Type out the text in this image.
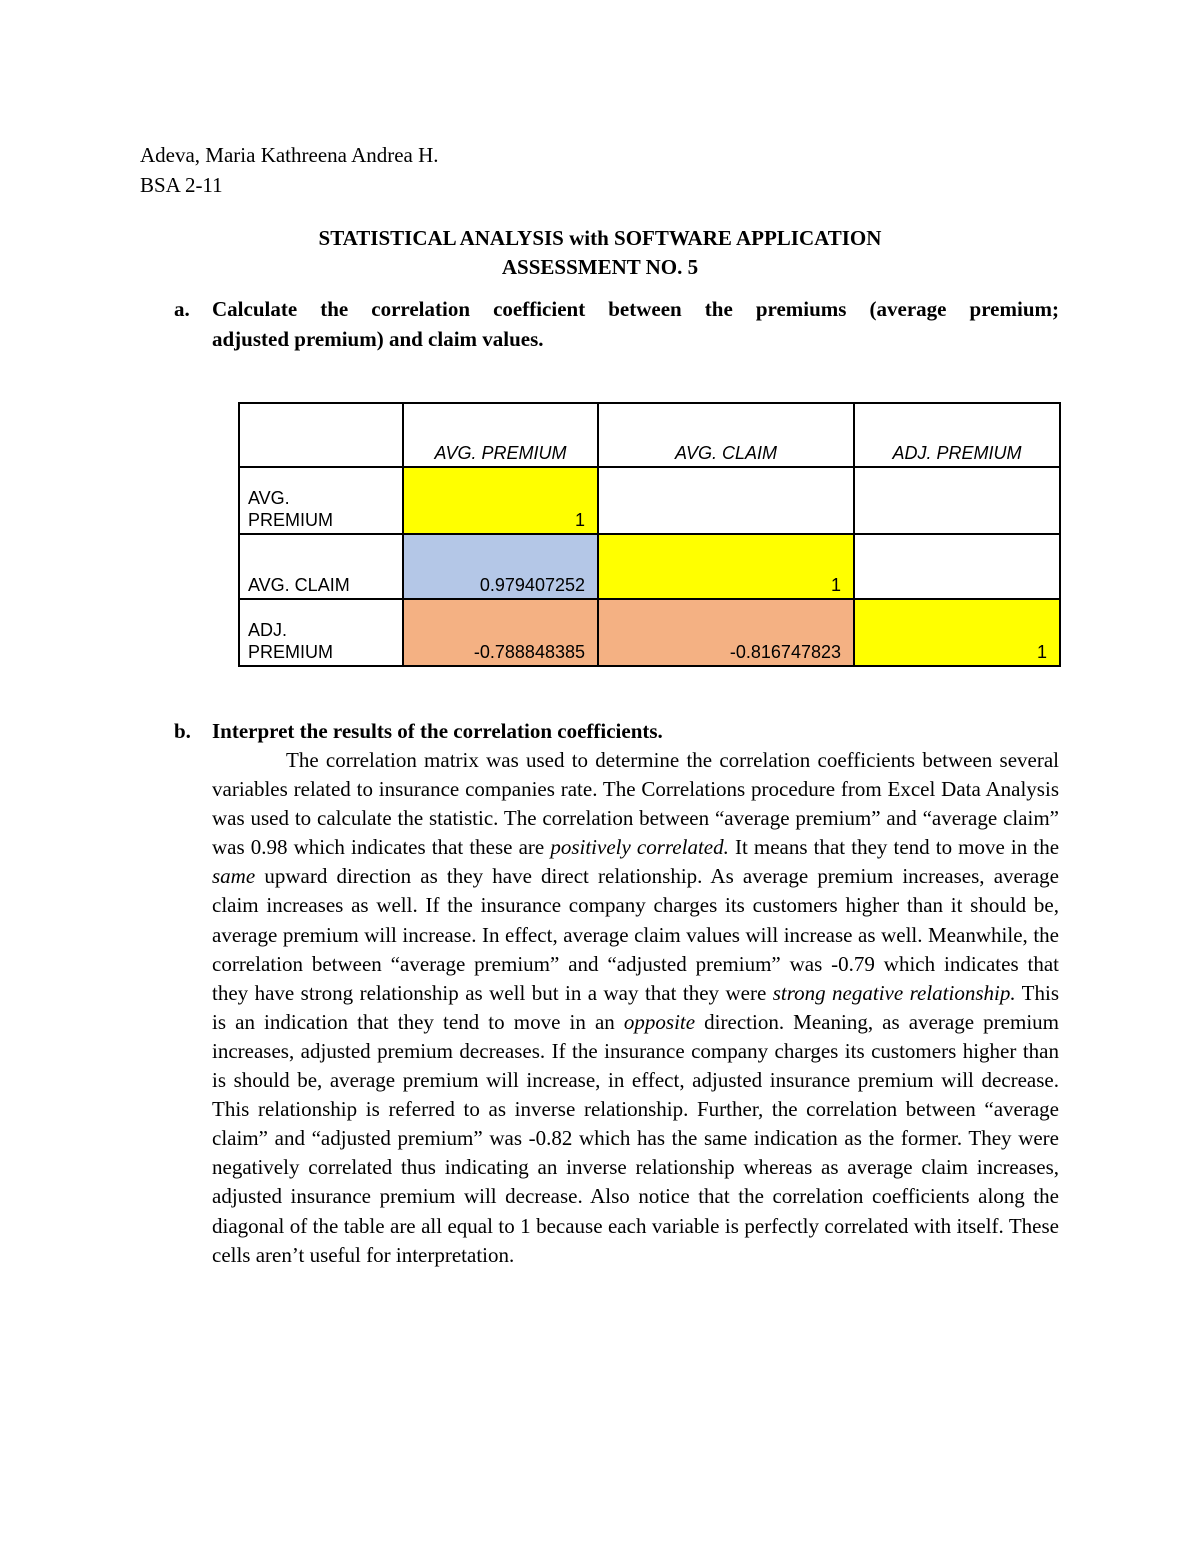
Adeva, Maria Kathreena Andrea H.
BSA 2-11
STATISTICAL ANALYSIS with SOFTWARE APPLICATION
ASSESSMENT NO. 5
a. Calculate the correlation coefficient between the premiums (average premium;
adjusted premium) and claim values.
	AVG. PREMIUM	AVG. CLAIM	ADJ. PREMIUM
AVG.
PREMIUM	1		

AVG. CLAIM	0.979407252	1	
ADJ.
PREMIUM	-0.788848385	-0.816747823	1
b. Interpret the results of the correlation coefficients.
The correlation matrix was used to determine the correlation coefficients between several variables related to insurance companies rate. The Correlations procedure from Excel Data Analysis was used to calculate the statistic. The correlation between “average premium” and “average claim” was 0.98 which indicates that these are positively correlated. It means that they tend to move in the same upward direction as they have direct relationship. As average premium increases, average claim increases as well. If the insurance company charges its customers higher than it should be, average premium will increase. In effect, average claim values will increase as well. Meanwhile, the correlation between “average premium” and “adjusted premium” was -0.79 which indicates that they have strong relationship as well but in a way that they were strong negative relationship. This is an indication that they tend to move in an opposite direction. Meaning, as average premium increases, adjusted premium decreases. If the insurance company charges its customers higher than is should be, average premium will increase, in effect, adjusted insurance premium will decrease. This relationship is referred to as inverse relationship. Further, the correlation between “average claim” and “adjusted premium” was -0.82 which has the same indication as the former. They were negatively correlated thus indicating an inverse relationship whereas as average claim increases, adjusted insurance premium will decrease. Also notice that the correlation coefficients along the diagonal of the table are all equal to 1 because each variable is perfectly correlated with itself. These cells aren’t useful for interpretation.
